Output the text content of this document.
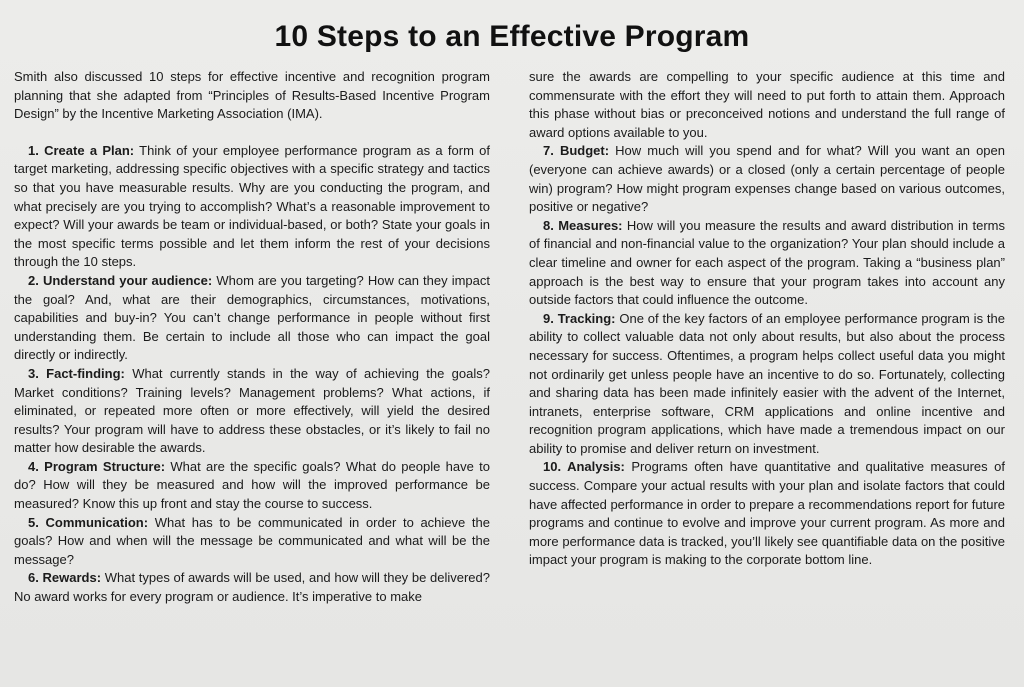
10 Steps to an Effective Program

Smith also discussed 10 steps for effective incentive and recognition program planning that she adapted from “Principles of Results-Based Incentive Program Design” by the Incentive Marketing Association (IMA).

1. Create a Plan: Think of your employee performance program as a form of target marketing, addressing specific objectives with a specific strategy and tactics so that you have measurable results. Why are you conducting the program, and what precisely are you trying to accomplish? What’s a reasonable improvement to expect? Will your awards be team or individual-based, or both? State your goals in the most specific terms possible and let them inform the rest of your decisions through the 10 steps.

2. Understand your audience: Whom are you targeting? How can they impact the goal? And, what are their demographics, circumstances, motivations, capabilities and buy-in? You can’t change performance in people without first understanding them. Be certain to include all those who can impact the goal directly or indirectly.

3. Fact-finding: What currently stands in the way of achieving the goals? Market conditions? Training levels? Management problems? What actions, if eliminated, or repeated more often or more effectively, will yield the desired results? Your program will have to address these obstacles, or it’s likely to fail no matter how desirable the awards.

4. Program Structure: What are the specific goals? What do people have to do? How will they be measured and how will the improved performance be measured? Know this up front and stay the course to success.

5. Communication: What has to be communicated in order to achieve the goals? How and when will the message be communicated and what will be the message?

6. Rewards: What types of awards will be used, and how will they be delivered? No award works for every program or audience. It’s imperative to make

sure the awards are compelling to your specific audience at this time and commensurate with the effort they will need to put forth to attain them. Approach this phase without bias or preconceived notions and understand the full range of award options available to you.

7. Budget: How much will you spend and for what? Will you want an open (everyone can achieve awards) or a closed (only a certain percentage of people win) program? How might program expenses change based on various outcomes, positive or negative?

8. Measures: How will you measure the results and award distribution in terms of financial and non-financial value to the organization? Your plan should include a clear timeline and owner for each aspect of the program. Taking a “business plan” approach is the best way to ensure that your program takes into account any outside factors that could influence the outcome.

9. Tracking: One of the key factors of an employee performance program is the ability to collect valuable data not only about results, but also about the process necessary for success. Oftentimes, a program helps collect useful data you might not ordinarily get unless people have an incentive to do so. Fortunately, collecting and sharing data has been made infinitely easier with the advent of the Internet, intranets, enterprise software, CRM applications and online incentive and recognition program applications, which have made a tremendous impact on our ability to promise and deliver return on investment.

10. Analysis: Programs often have quantitative and qualitative measures of success. Compare your actual results with your plan and isolate factors that could have affected performance in order to prepare a recommendations report for future programs and continue to evolve and improve your current program. As more and more performance data is tracked, you’ll likely see quantifiable data on the positive impact your program is making to the corporate bottom line.
